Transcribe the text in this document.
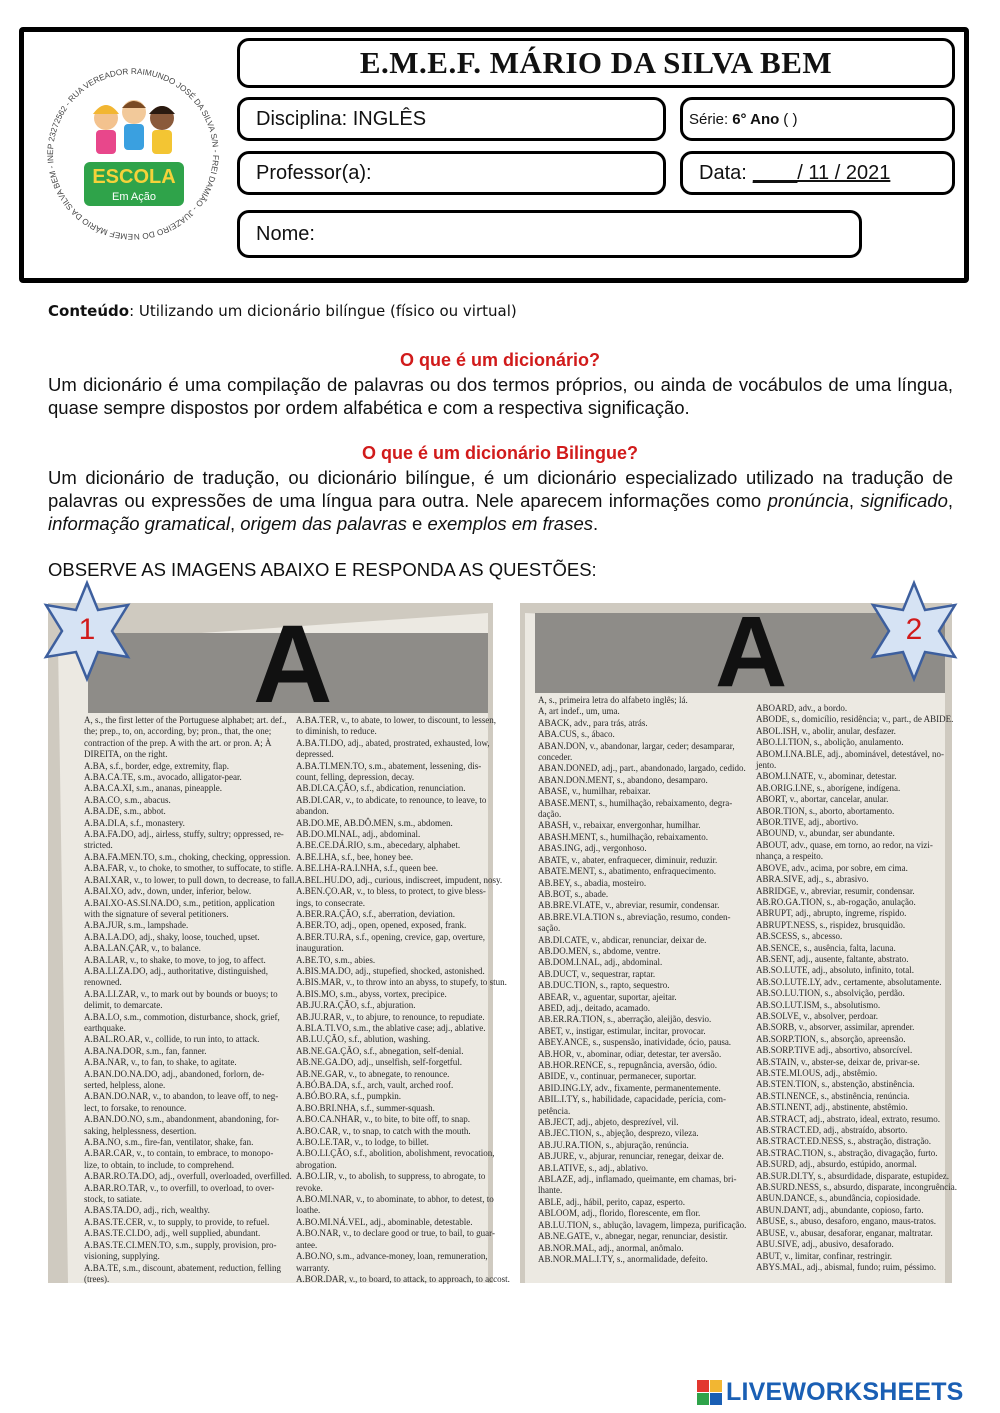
EMEF MÁRIO DA SILVA BEM - INEP 23272562 - RUA VEREADOR RAIMUNDO JOSÉ DA SILVA S/N - FREI DAMIÃO - JUAZEIRO DO N
ESCOLA
Em Ação
E.M.E.F. MÁRIO DA SILVA BEM
Disciplina: INGLÊS	Série: 6° Ano ( )
Professor(a):	Data: ____/ 11 / 2021
Nome:
Conteúdo: Utilizando um dicionário bilíngue (físico ou virtual)
O que é um dicionário?
Um dicionário é uma compilação de palavras ou dos termos próprios, ou ainda de vocábulos de uma língua, quase sempre dispostos por ordem alfabética e com a respectiva significação.
O que é um dicionário Bilingue?
Um dicionário de tradução, ou dicionário bilíngue, é um dicionário especializado utilizado na tradução de palavras ou expressões de uma língua para outra. Nele aparecem informações como pronúncia, significado, informação gramatical, origem das palavras e exemplos em frases.
OBSERVE AS IMAGENS ABAIXO E RESPONDA AS QUESTÕES:
A
A, s., the first letter of the Portuguese alphabet; art. def.,
the; prep., to, on, according, by; pron., that, the one;
contraction of the prep. A with the art. or pron. A; À
DIREITA, on the right.
A.BA, s.f., border, edge, extremity, flap.
A.BA.CA.TE, s.m., avocado, alligator-pear.
A.BA.CA.XI, s.m., ananas, pineapple.
A.BA.CO, s.m., abacus.
A.BA.DE, s.m., abbot.
A.BA.DI.A, s.f., monastery.
A.BA.FA.DO, adj., airless, stuffy, sultry; oppressed, re-
stricted.
A.BA.FA.MEN.TO, s.m., choking, checking, oppression.
A.BA.FAR, v., to choke, to smother, to suffocate, to stifle.
A.BAI.XAR, v., to lower, to pull down, to decrease, to fall.
A.BAI.XO, adv., down, under, inferior, below.
A.BAI.XO-AS.SI.NA.DO, s.m., petition, application
with the signature of several petitioners.
A.BA.JUR, s.m., lampshade.
A.BA.LA.DO, adj., shaky, loose, touched, upset.
A.BA.LAN.ÇAR, v., to balance.
A.BA.LAR, v., to shake, to move, to jog, to affect.
A.BA.LI.ZA.DO, adj., authoritative, distinguished,
renowned.
A.BA.LI.ZAR, v., to mark out by bounds or buoys; to
delimit, to demarcate.
A.BA.LO, s.m., commotion, disturbance, shock, grief,
earthquake.
A.BAL.RO.AR, v., collide, to run into, to attack.
A.BA.NA.DOR, s.m., fan, fanner.
A.BA.NAR, v., to fan, to shake, to agitate.
A.BAN.DO.NA.DO, adj., abandoned, forlorn, de-
serted, helpless, alone.
A.BAN.DO.NAR, v., to abandon, to leave off, to neg-
lect, to forsake, to renounce.
A.BAN.DO.NO, s.m., abandonment, abandoning, for-
saking, helplessness, desertion.
A.BA.NO, s.m., fire-fan, ventilator, shake, fan.
A.BAR.CAR, v., to contain, to embrace, to monopo-
lize, to obtain, to include, to comprehend.
A.BAR.RO.TA.DO, adj., overfull, overloaded, overfilled.
A.BAR.RO.TAR, v., to overfill, to overload, to over-
stock, to satiate.
A.BAS.TA.DO, adj., rich, wealthy.
A.BAS.TE.CER, v., to supply, to provide, to refuel.
A.BAS.TE.CI.DO, adj., well supplied, abundant.
A.BAS.TE.CI.MEN.TO, s.m., supply, provision, pro-
visioning, supplying.
A.BA.TE, s.m., discount, abatement, reduction, felling
(trees).
A.BA.TER, v., to abate, to lower, to discount, to lessen,
to diminish, to reduce.
A.BA.TI.DO, adj., abated, prostrated, exhausted, low,
depressed.
A.BA.TI.MEN.TO, s.m., abatement, lessening, dis-
count, felling, depression, decay.
AB.DI.CA.ÇÃO, s.f., abdication, renunciation.
AB.DI.CAR, v., to abdicate, to renounce, to leave, to
abandon.
AB.DO.ME, AB.DÔ.MEN, s.m., abdomen.
AB.DO.MI.NAL, adj., abdominal.
A.BE.CE.DÁ.RIO, s.m., abecedary, alphabet.
A.BE.LHA, s.f., bee, honey bee.
A.BE.LHA-RA.I.NHA, s.f., queen bee.
A.BEL.HU.DO, adj., curious, indiscreet, impudent, nosy.
A.BEN.ÇO.AR, v., to bless, to protect, to give bless-
ings, to consecrate.
A.BER.RA.ÇÃO, s.f., aberration, deviation.
A.BER.TO, adj., open, opened, exposed, frank.
A.BER.TU.RA, s.f., opening, crevice, gap, overture,
inauguration.
A.BE.TO, s.m., abies.
A.BIS.MA.DO, adj., stupefied, shocked, astonished.
A.BIS.MAR, v., to throw into an abyss, to stupefy, to stun.
A.BIS.MO, s.m., abyss, vortex, precipice.
AB.JU.RA.ÇÃO, s.f., abjuration.
AB.JU.RAR, v., to abjure, to renounce, to repudiate.
A.BLA.TI.VO, s.m., the ablative case; adj., ablative.
AB.LU.ÇÃO, s.f., ablution, washing.
AB.NE.GA.ÇÃO, s.f., abnegation, self-denial.
AB.NE.GA.DO, adj., unselfish, self-forgetful.
AB.NE.GAR, v., to abnegate, to renounce.
A.BÓ.BA.DA, s.f., arch, vault, arched roof.
A.BÓ.BO.RA, s.f., pumpkin.
A.BO.BRI.NHA, s.f., summer-squash.
A.BO.CA.NHAR, v., to bite, to bite off, to snap.
A.BO.CAR, v., to snap, to catch with the mouth.
A.BO.LE.TAR, v., to lodge, to billet.
A.BO.LI.ÇÃO, s.f., abolition, abolishment, revocation,
abrogation.
A.BO.LIR, v., to abolish, to suppress, to abrogate, to
revoke.
A.BO.MI.NAR, v., to abominate, to abhor, to detest, to
loathe.
A.BO.MI.NÁ.VEL, adj., abominable, detestable.
A.BO.NAR, v., to declare good or true, to bail, to guar-
antee.
A.BO.NO, s.m., advance-money, loan, remuneration,
warranty.
A.BOR.DAR, v., to board, to attack, to approach, to accost.
A
A, s., primeira letra do alfabeto inglês; lá.
A, art indef., um, uma.
ABACK, adv., para trás, atrás.
ABA.CUS, s., ábaco.
ABAN.DON, v., abandonar, largar, ceder; desamparar,
conceder.
ABAN.DONED, adj., part., abandonado, largado, cedido.
ABAN.DON.MENT, s., abandono, desamparo.
ABASE, v., humilhar, rebaixar.
ABASE.MENT, s., humilhação, rebaixamento, degra-
dação.
ABASH, v., rebaixar, envergonhar, humilhar.
ABASH.MENT, s., humilhação, rebaixamento.
ABAS.ING, adj., vergonhoso.
ABATE, v., abater, enfraquecer, diminuir, reduzir.
ABATE.MENT, s., abatimento, enfraquecimento.
AB.BEY, s., abadia, mosteiro.
AB.BOT, s., abade.
AB.BRE.VI.ATE, v., abreviar, resumir, condensar.
AB.BRE.VI.A.TION s., abreviação, resumo, conden-
sação.
AB.DI.CATE, v., abdicar, renunciar, deixar de.
AB.DO.MEN, s., abdome, ventre.
AB.DOM.I.NAL, adj., abdominal.
AB.DUCT, v., sequestrar, raptar.
AB.DUC.TION, s., rapto, sequestro.
ABEAR, v., aguentar, suportar, ajeitar.
ABED, adj., deitado, acamado.
AB.ER.RA.TION, s., aberração, aleijão, desvio.
ABET, v., instigar, estimular, incitar, provocar.
ABEY.ANCE, s., suspensão, inatividade, ócio, pausa.
AB.HOR, v., abominar, odiar, detestar, ter aversão.
AB.HOR.RENCE, s., repugnância, aversão, ódio.
ABIDE, v., continuar, permanecer, suportar.
ABID.ING.LY, adv., fixamente, permanentemente.
ABIL.I.TY, s., habilidade, capacidade, perícia, com-
petência.
AB.JECT, adj., abjeto, desprezível, vil.
AB.JEC.TION, s., abjeção, desprezo, vileza.
AB.JU.RA.TION, s., abjuração, renúncia.
AB.JURE, v., abjurar, renunciar, renegar, deixar de.
AB.LATIVE, s., adj., ablativo.
ABLAZE, adj., inflamado, queimante, em chamas, bri-
lhante.
ABLE, adj., hábil, perito, capaz, esperto.
ABLOOM, adj., florido, florescente, em flor.
AB.LU.TION, s., ablução, lavagem, limpeza, purificação.
AB.NE.GATE, v., abnegar, negar, renunciar, desistir.
AB.NOR.MAL, adj., anormal, anômalo.
AB.NOR.MAL.I.TY, s., anormalidade, defeito.
ABOARD, adv., a bordo.
ABODE, s., domicílio, residência; v., part., de ABIDE.
ABOL.ISH, v., abolir, anular, desfazer.
ABO.LI.TION, s., abolição, anulamento.
ABOM.I.NA.BLE, adj., abominável, detestável, no-
jento.
ABOM.I.NATE, v., abominar, detestar.
AB.ORIG.I.NE, s., aborígene, indígena.
ABORT, v., abortar, cancelar, anular.
ABOR.TION, s., aborto, abortamento.
ABOR.TIVE, adj., abortivo.
ABOUND, v., abundar, ser abundante.
ABOUT, adv., quase, em torno, ao redor, na vizi-
nhança, a respeito.
ABOVE, adv., acima, por sobre, em cima.
ABRA.SIVE, adj., s., abrasivo.
ABRIDGE, v., abreviar, resumir, condensar.
AB.RO.GA.TION, s., ab-rogação, anulação.
ABRUPT, adj., abrupto, íngreme, ríspido.
ABRUPT.NESS, s., rispidez, brusquidão.
AB.SCESS, s., abcesso.
AB.SENCE, s., ausência, falta, lacuna.
AB.SENT, adj., ausente, faltante, abstrato.
AB.SO.LUTE, adj., absoluto, infinito, total.
AB.SO.LUTE.LY, adv., certamente, absolutamente.
AB.SO.LU.TION, s., absolvição, perdão.
AB.SO.LUT.ISM, s., absolutismo.
AB.SOLVE, v., absolver, perdoar.
AB.SORB, v., absorver, assimilar, aprender.
AB.SORP.TION, s., absorção, apreensão.
AB.SORP.TIVE adj., absortivo, absorcível.
AB.STAIN, v., abster-se, deixar de, privar-se.
AB.STE.MI.OUS, adj., abstêmio.
AB.STEN.TION, s., abstenção, abstinência.
AB.STI.NENCE, s., abstinência, renúncia.
AB.STI.NENT, adj., abstinente, abstêmio.
AB.STRACT, adj., abstrato, ideal, extrato, resumo.
AB.STRACT.ED, adj., abstraído, absorto.
AB.STRACT.ED.NESS, s., abstração, distração.
AB.STRAC.TION, s., abstração, divagação, furto.
AB.SURD, adj., absurdo, estúpido, anormal.
AB.SUR.DI.TY, s., absurdidade, disparate, estupidez.
AB.SURD.NESS, s., absurdo, disparate, incongruência.
ABUN.DANCE, s., abundância, copiosidade.
ABUN.DANT, adj., abundante, copioso, farto.
ABUSE, s., abuso, desaforo, engano, maus-tratos.
ABUSE, v., abusar, desaforar, enganar, maltratar.
ABU.SIVE, adj., abusivo, desaforado.
ABUT, v., limitar, confinar, restringir.
ABYS.MAL, adj., abismal, fundo; ruim, péssimo.
1	2
LIVEWORKSHEETS
